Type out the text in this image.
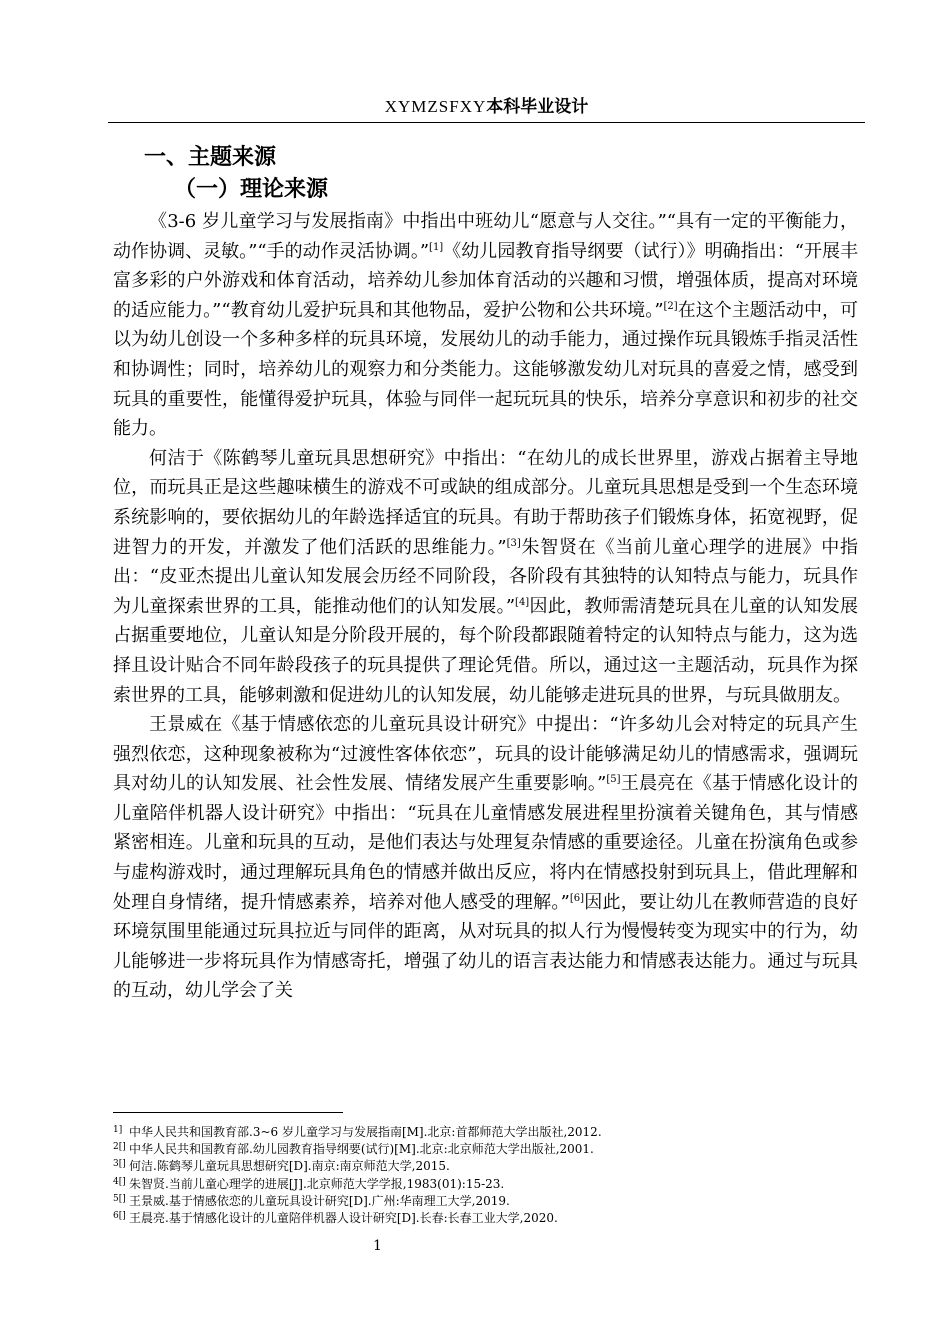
XYMZSFXY本科毕业设计
一、主题来源
（一）理论来源

《3-6 岁儿童学习与发展指南》中指出中班幼儿“愿意与人交往。”“具有一定的平衡能力，动作协调、灵敏。”“手的动作灵活协调。”[1]《幼儿园教育指导纲要（试行）》明确指出：“开展丰富多彩的户外游戏和体育活动，培养幼儿参加体育活动的兴趣和习惯，增强体质，提高对环境的适应能力。”“教育幼儿爱护玩具和其他物品，爱护公物和公共环境。”[2]在这个主题活动中，可以为幼儿创设一个多种多样的玩具环境，发展幼儿的动手能力，通过操作玩具锻炼手指灵活性和协调性；同时，培养幼儿的观察力和分类能力。这能够激发幼儿对玩具的喜爱之情，感受到玩具的重要性，能懂得爱护玩具，体验与同伴一起玩玩具的快乐，培养分享意识和初步的社交能力。

何洁于《陈鹤琴儿童玩具思想研究》中指出：“在幼儿的成长世界里，游戏占据着主导地位，而玩具正是这些趣味横生的游戏不可或缺的组成部分。儿童玩具思想是受到一个生态环境系统影响的，要依据幼儿的年龄选择适宜的玩具。有助于帮助孩子们锻炼身体，拓宽视野，促进智力的开发，并激发了他们活跃的思维能力。”[3]朱智贤在《当前儿童心理学的进展》中指出：“皮亚杰提出儿童认知发展会历经不同阶段，各阶段有其独特的认知特点与能力，玩具作为儿童探索世界的工具，能推动他们的认知发展。”[4]因此，教师需清楚玩具在儿童的认知发展占据重要地位，儿童认知是分阶段开展的，每个阶段都跟随着特定的认知特点与能力，这为选择且设计贴合不同年龄段孩子的玩具提供了理论凭借。所以，通过这一主题活动，玩具作为探索世界的工具，能够刺激和促进幼儿的认知发展，幼儿能够走进玩具的世界，与玩具做朋友。

王景威在《基于情感依恋的儿童玩具设计研究》中提出：“许多幼儿会对特定的玩具产生强烈依恋，这种现象被称为“过渡性客体依恋”，玩具的设计能够满足幼儿的情感需求，强调玩具对幼儿的认知发展、社会性发展、情绪发展产生重要影响。”[5]王晨亮在《基于情感化设计的儿童陪伴机器人设计研究》中指出：“玩具在儿童情感发展进程里扮演着关键角色，其与情感紧密相连。儿童和玩具的互动，是他们表达与处理复杂情感的重要途径。儿童在扮演角色或参与虚构游戏时，通过理解玩具角色的情感并做出反应，将内在情感投射到玩具上，借此理解和处理自身情绪，提升情感素养，培养对他人感受的理解。”[6]因此，要让幼儿在教师营造的良好环境氛围里能通过玩具拉近与同伴的距离，从对玩具的拟人行为慢慢转变为现实中的行为，幼儿能够进一步将玩具作为情感寄托，增强了幼儿的语言表达能力和情感表达能力。通过与玩具的互动，幼儿学会了关

1] 中华人民共和国教育部.3~6 岁儿童学习与发展指南[M].北京:首都师范大学出版社,2012.
2[] 中华人民共和国教育部.幼儿园教育指导纲要(试行)[M].北京:北京师范大学出版社,2001.
3[] 何洁.陈鹤琴儿童玩具思想研究[D].南京:南京师范大学,2015.
4[] 朱智贤.当前儿童心理学的进展[J].北京师范大学学报,1983(01):15-23.
5[] 王景威.基于情感依恋的儿童玩具设计研究[D].广州:华南理工大学,2019.
6[] 王晨亮.基于情感化设计的儿童陪伴机器人设计研究[D].长春:长春工业大学,2020.
1
